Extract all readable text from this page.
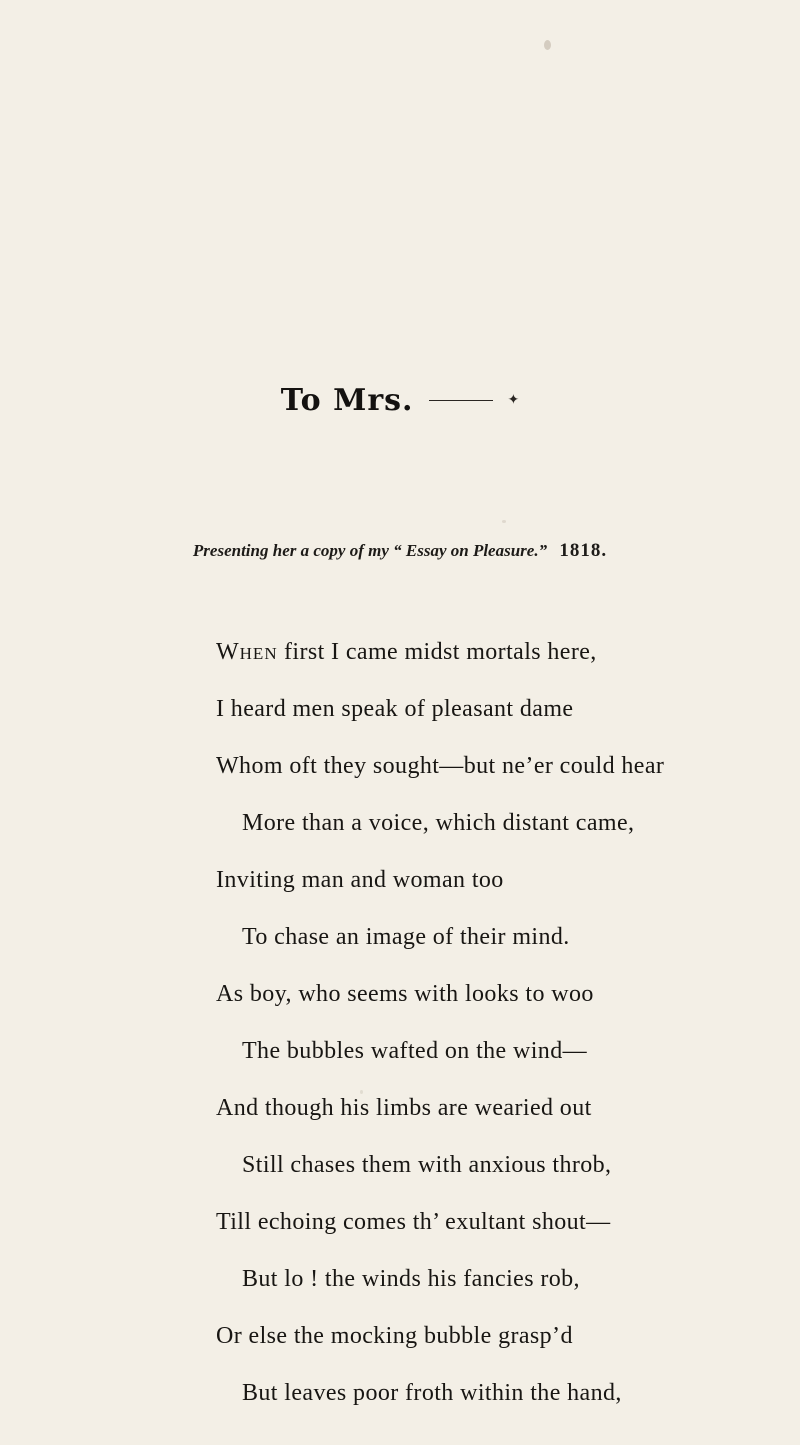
To Mrs.	✦
Presenting her a copy of my “ Essay on Pleasure.” 1818.
When first I came midst mortals here,
I heard men speak of pleasant dame
Whom oft they sought—but ne’er could hear
More than a voice, which distant came,
Inviting man and woman too
To chase an image of their mind.
As boy, who seems with looks to woo
The bubbles wafted on the wind—
And though his limbs are wearied out
Still chases them with anxious throb,
Till echoing comes th’ exultant shout—
But lo ! the winds his fancies rob,
Or else the mocking bubble grasp’d
But leaves poor froth within the hand,
